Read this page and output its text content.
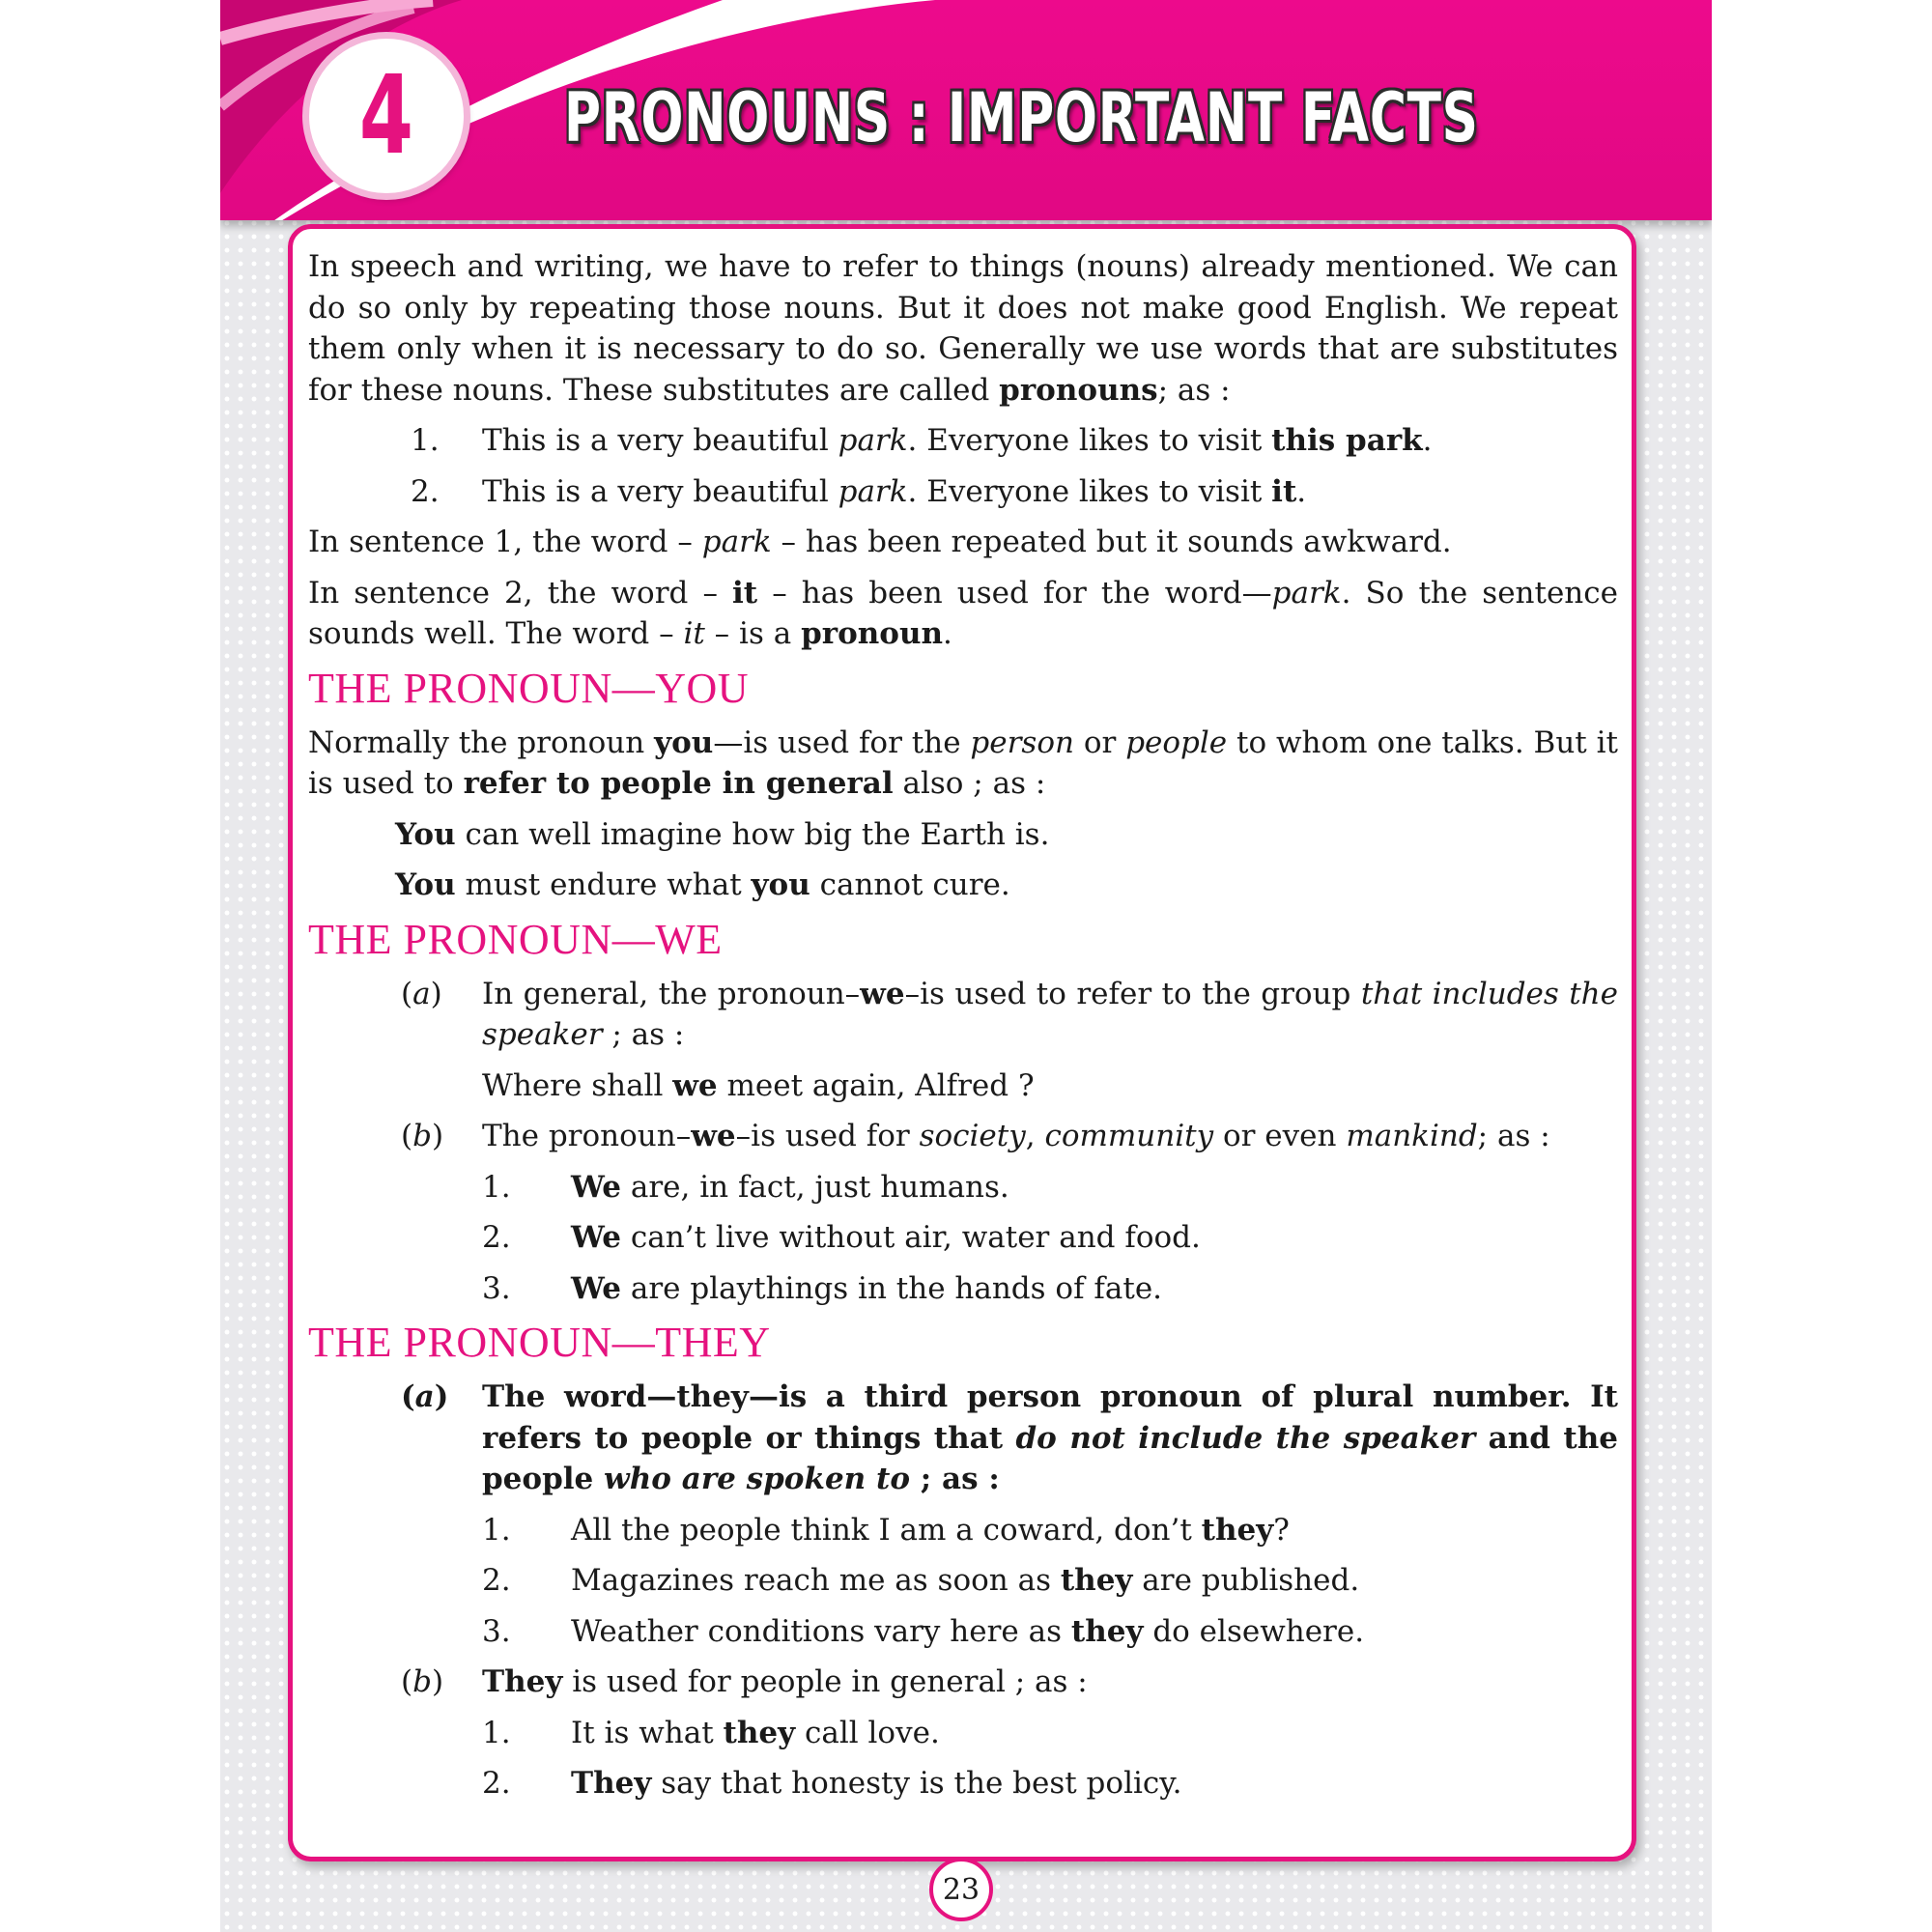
4 PRONOUNS : IMPORTANT FACTS

In speech and writing, we have to refer to things (nouns) already mentioned. We can do so only by repeating those nouns. But it does not make good English. We repeat them only when it is necessary to do so. Generally we use words that are substitutes for these nouns. These substitutes are called pronouns; as :

1.	This is a very beautiful park. Everyone likes to visit this park.
2.	This is a very beautiful park. Everyone likes to visit it.

In sentence 1, the word – park – has been repeated but it sounds awkward.

In sentence 2, the word – it – has been used for the word—park. So the sentence sounds well. The word – it – is a pronoun.

THE PRONOUN—YOU

Normally the pronoun you—is used for the person or people to whom one talks. But it is used to refer to people in general also ; as :

You can well imagine how big the Earth is.
You must endure what you cannot cure.
THE PRONOUN—WE
(a)	In general, the pronoun–we–is used to refer to the group that includes the speaker ; as :
Where shall we meet again, Alfred ?
(b)	The pronoun–we–is used for society, community or even mankind; as :
1.	We are, in fact, just humans.
2.	We can’t live without air, water and food.
3.	We are playthings in the hands of fate.
THE PRONOUN—THEY
(a)	The word—they—is a third person pronoun of plural number. It refers to people or things that do not include the speaker and the people who are spoken to ; as :
1.	All the people think I am a coward, don’t they?
2.	Magazines reach me as soon as they are published.
3.	Weather conditions vary here as they do elsewhere.
(b)	They is used for people in general ; as :
1.	It is what they call love.
2.	They say that honesty is the best policy.
23
